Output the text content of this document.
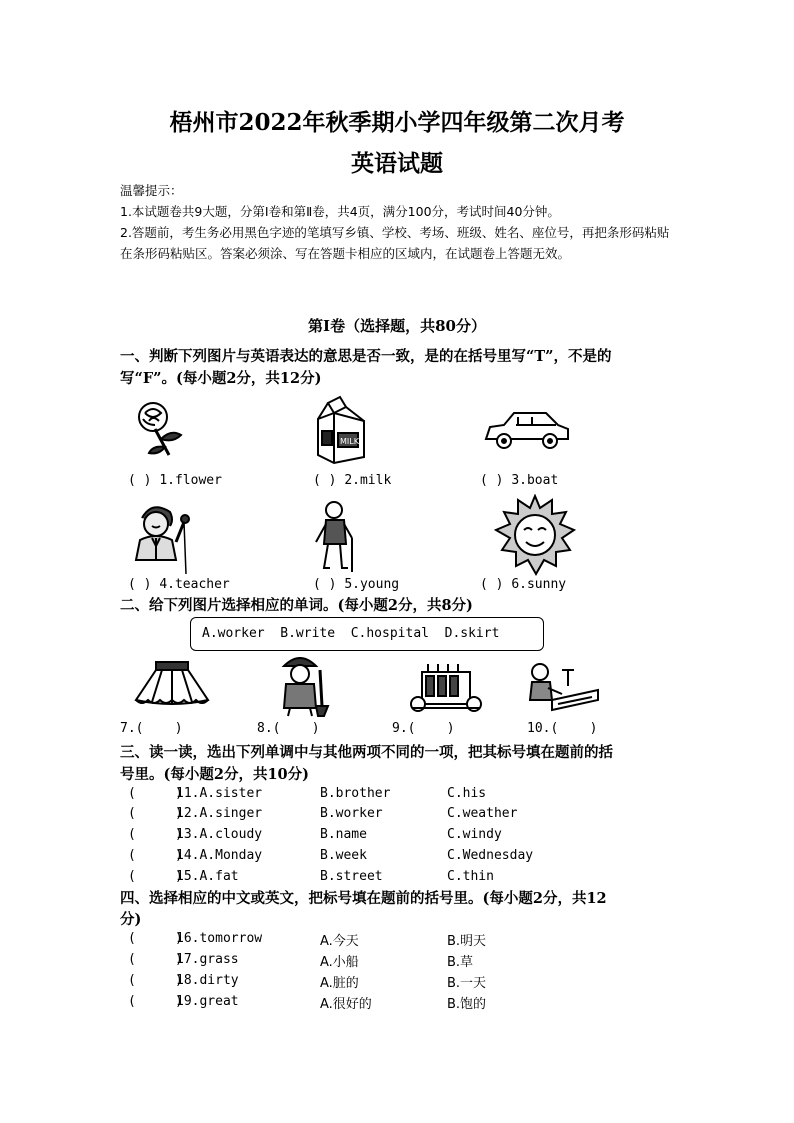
梧州市2022年秋季期小学四年级第二次月考
英语试题
温馨提示：
1.本试题卷共9大题，分第Ⅰ卷和第Ⅱ卷，共4页，满分100分，考试时间40分钟。
2.答题前，考生务必用黑色字迹的笔填写乡镇、学校、考场、班级、姓名、座位号，再把条形码粘贴在条形码粘贴区。答案必须涂、写在答题卡相应的区域内，在试题卷上答题无效。
第Ⅰ卷（选择题，共80分）
一、判断下列图片与英语表达的意思是否一致，是的在括号里写“T”，不是的
写“F”。(每小题2分，共12分)
MILK
( ) 1.flower	( ) 2.milk	( ) 3.boat
( ) 4.teacher	( ) 5.young	( ) 6.sunny
二、给下列图片选择相应的单词。(每小题2分，共8分)
A.worker  B.write  C.hospital  D.skirt
7.(    )	8.(    )	9.(    )	10.(    )
三、读一读，选出下列单调中与其他两项不同的一项，把其标号填在题前的括
号里。(每小题2分，共10分)
(     )
11.A.sister	B.brother	C.his
(     )
12.A.singer	B.worker	C.weather
(     )
13.A.cloudy	B.name	C.windy
(     )
14.A.Monday	B.week	C.Wednesday
(     )
15.A.fat	B.street	C.thin
四、选择相应的中文或英文，把标号填在题前的括号里。(每小题2分，共12
分)
(     )
16.tomorrow	A.今天	B.明天
(     )
17.grass	A.小船	B.草
(     )
18.dirty	A.脏的	B.一天
(     )
19.great	A.很好的	B.饱的
